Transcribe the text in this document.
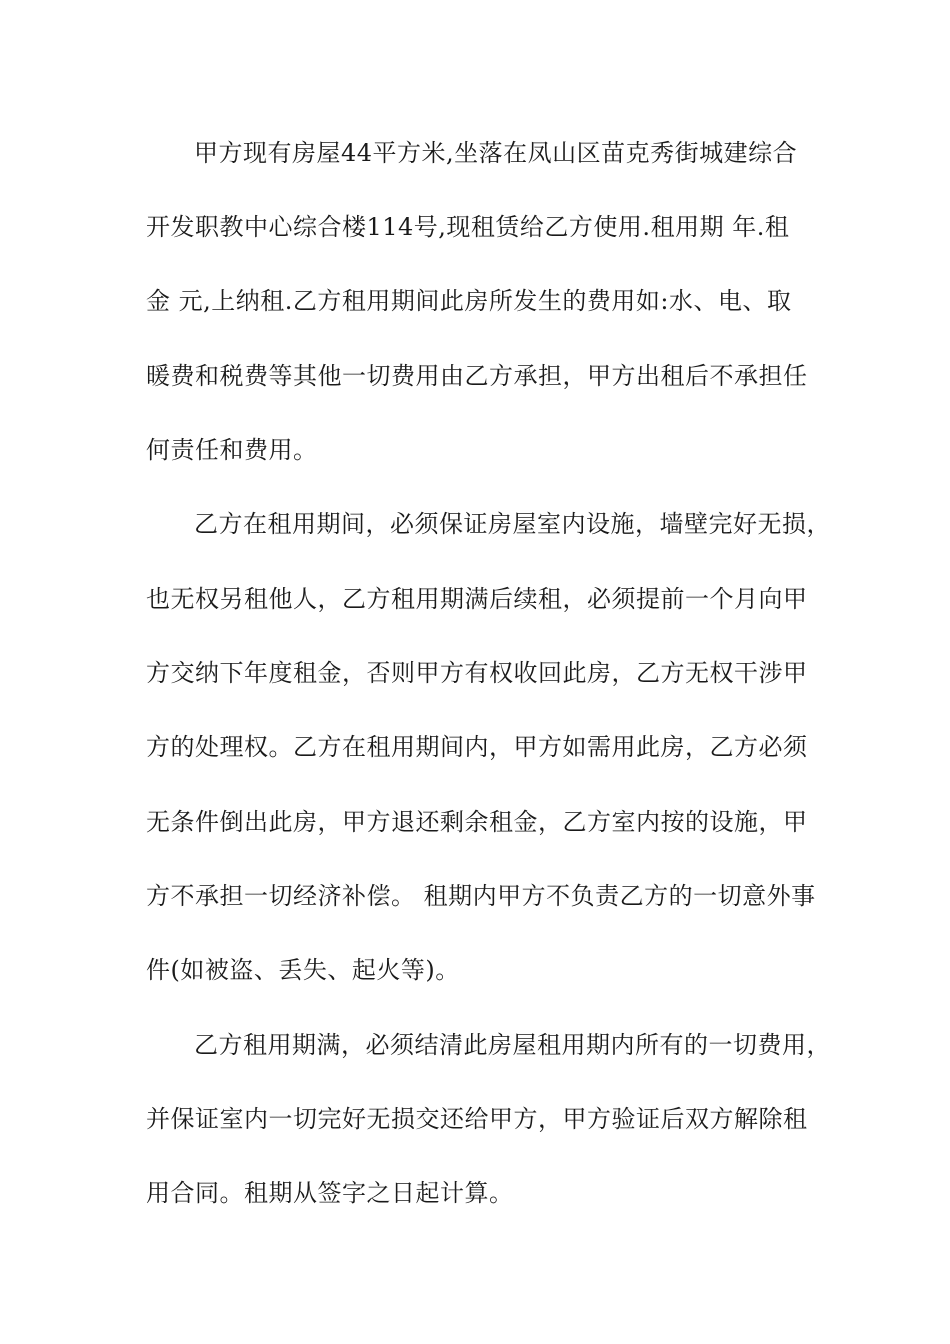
甲方现有房屋44平方米,坐落在凤山区苗克秀街城建综合
开发职教中心综合楼114号,现租赁给乙方使用.租用期 年.租
金 元,上纳租.乙方租用期间此房所发生的费用如:水、电、取
暖费和税费等其他一切费用由乙方承担，甲方出租后不承担任
何责任和费用。
乙方在租用期间，必须保证房屋室内设施，墙壁完好无损，
也无权另租他人，乙方租用期满后续租，必须提前一个月向甲
方交纳下年度租金，否则甲方有权收回此房，乙方无权干涉甲
方的处理权。乙方在租用期间内，甲方如需用此房，乙方必须
无条件倒出此房，甲方退还剩余租金，乙方室内按的设施，甲
方不承担一切经济补偿。 租期内甲方不负责乙方的一切意外事
件(如被盗、丢失、起火等)。
乙方租用期满，必须结清此房屋租用期内所有的一切费用，
并保证室内一切完好无损交还给甲方，甲方验证后双方解除租
用合同。租期从签字之日起计算。
